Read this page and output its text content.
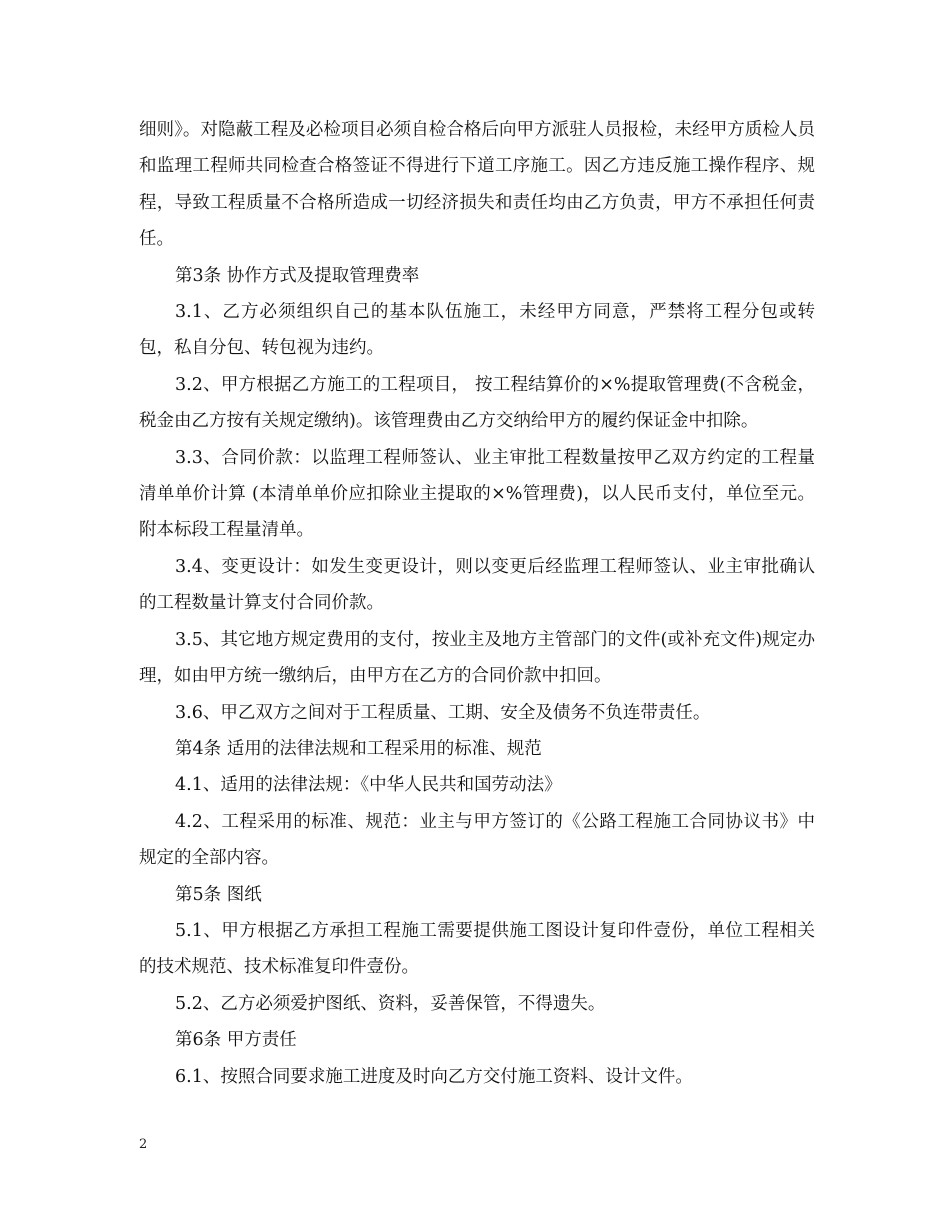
细则》。对隐蔽工程及必检项目必须自检合格后向甲方派驻人员报检，未经甲方质检人员和监理工程师共同检查合格签证不得进行下道工序施工。因乙方违反施工操作程序、规程，导致工程质量不合格所造成一切经济损失和责任均由乙方负责，甲方不承担任何责任。

第3条 协作方式及提取管理费率

3.1、乙方必须组织自己的基本队伍施工，未经甲方同意，严禁将工程分包或转包，私自分包、转包视为违约。

3.2、甲方根据乙方施工的工程项目， 按工程结算价的×%提取管理费(不含税金，税金由乙方按有关规定缴纳)。该管理费由乙方交纳给甲方的履约保证金中扣除。

3.3、合同价款：以监理工程师签认、业主审批工程数量按甲乙双方约定的工程量清单单价计算 (本清单单价应扣除业主提取的×%管理费)，以人民币支付，单位至元。附本标段工程量清单。

3.4、变更设计：如发生变更设计，则以变更后经监理工程师签认、业主审批确认的工程数量计算支付合同价款。

3.5、其它地方规定费用的支付，按业主及地方主管部门的文件(或补充文件)规定办理，如由甲方统一缴纳后，由甲方在乙方的合同价款中扣回。

3.6、甲乙双方之间对于工程质量、工期、安全及债务不负连带责任。

第4条 适用的法律法规和工程采用的标准、规范

4.1、适用的法律法规：《中华人民共和国劳动法》

4.2、工程采用的标准、规范：业主与甲方签订的《公路工程施工合同协议书》中规定的全部内容。

第5条 图纸

5.1、甲方根据乙方承担工程施工需要提供施工图设计复印件壹份，单位工程相关的技术规范、技术标准复印件壹份。

5.2、乙方必须爱护图纸、资料，妥善保管，不得遗失。

第6条 甲方责任

6.1、按照合同要求施工进度及时向乙方交付施工资料、设计文件。

2
